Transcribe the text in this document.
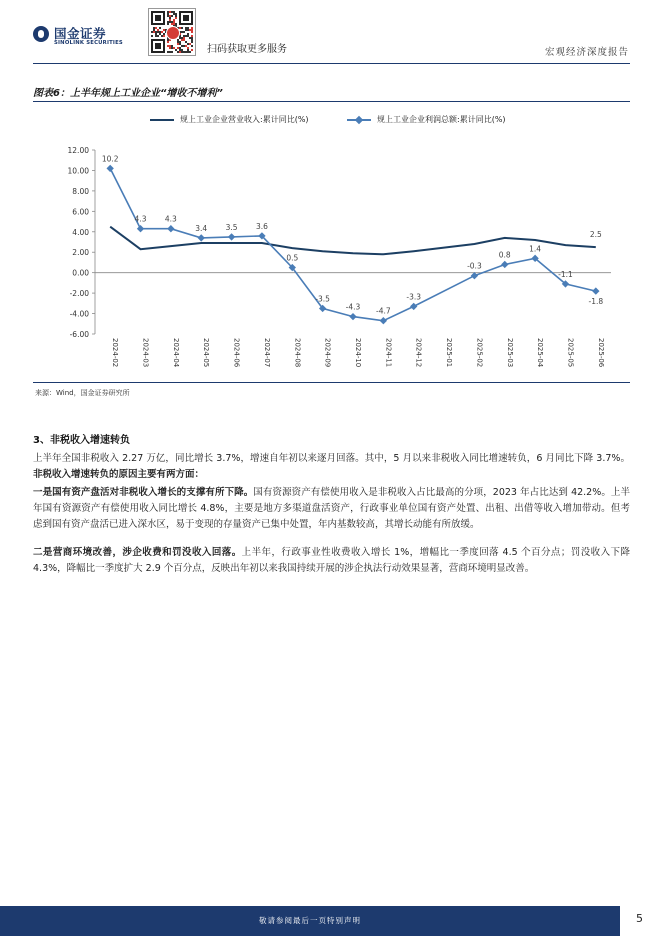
国金证券
SINOLINK SECURITIES
扫码获取更多服务	宏观经济深度报告
图表6：上半年规上工业企业“增收不增利”
规上工业企业营业收入:累计同比(%)	规上工业企业利润总额:累计同比(%)
12.00
10.00
8.00
6.00
4.00
2.00
0.00
-2.00
-4.00
-6.00
2024-02	2024-03	2024-04	2024-05	2024-06	2024-07	2024-08	2024-09	2024-10	2024-11	2024-12	2025-01	2025-02	2025-03	2025-04	2025-05	2025-06
2.5
10.2
4.3 4.3
3.4 3.5 3.6
0.5
-3.5
-4.3 -4.7
-3.3
-0.3
0.8
1.4
-1.1
-1.8
来源：Wind，国金证券研究所
3、非税收入增速转负
上半年全国非税收入 2.27 万亿，同比增长 3.7%，增速自年初以来逐月回落。其中，5 月以来非税收入同比增速转负，6 月同比下降 3.7%。非税收入增速转负的原因主要有两方面：
一是国有资产盘活对非税收入增长的支撑有所下降。国有资源资产有偿使用收入是非税收入占比最高的分项，2023 年占比达到 42.2%。上半年国有资源资产有偿使用收入同比增长 4.8%，主要是地方多渠道盘活资产，行政事业单位国有资产处置、出租、出借等收入增加带动。但考虑到国有资产盘活已进入深水区，易于变现的存量资产已集中处置，年内基数较高，其增长动能有所放缓。
二是营商环境改善，涉企收费和罚没收入回落。上半年，行政事业性收费收入增长 1%，增幅比一季度回落 4.5 个百分点；罚没收入下降 4.3%，降幅比一季度扩大 2.9 个百分点，反映出年初以来我国持续开展的涉企执法行动效果显著，营商环境明显改善。
敬请参阅最后一页特别声明	5
